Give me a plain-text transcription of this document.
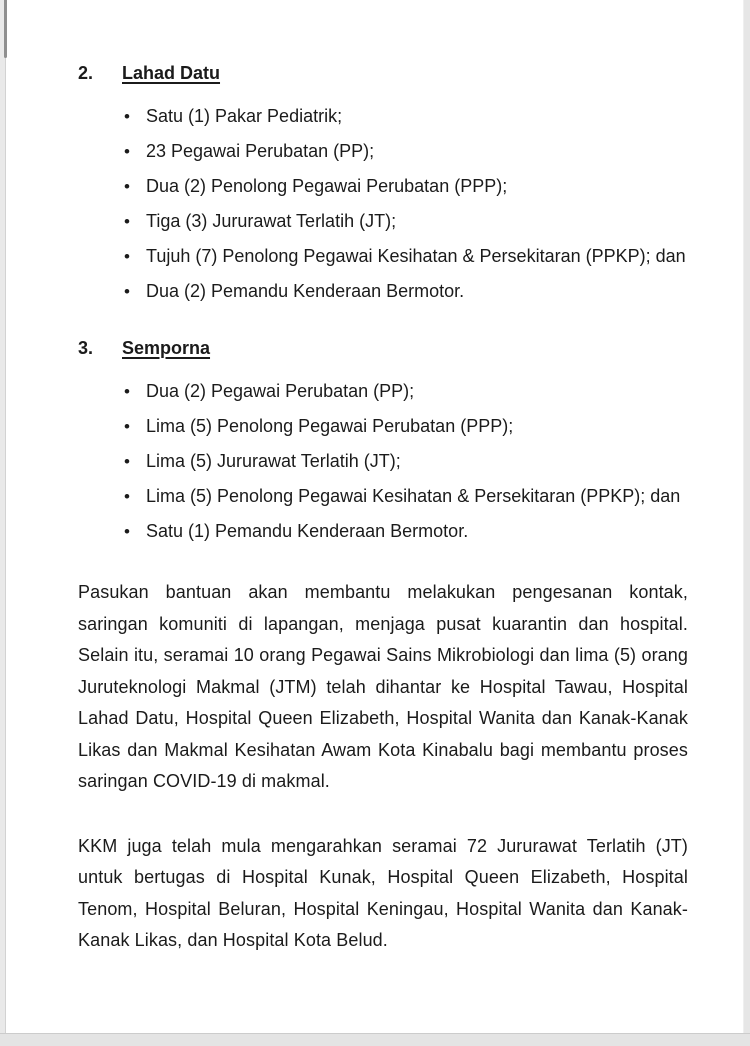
2.	Lahad Datu
• Satu (1) Pakar Pediatrik;
• 23 Pegawai Perubatan (PP);
• Dua (2) Penolong Pegawai Perubatan (PPP);
• Tiga (3) Jururawat Terlatih (JT);
• Tujuh (7) Penolong Pegawai Kesihatan & Persekitaran (PPKP); dan
• Dua (2) Pemandu Kenderaan Bermotor.
3.	Semporna
• Dua (2) Pegawai Perubatan (PP);
• Lima (5) Penolong Pegawai Perubatan (PPP);
• Lima (5) Jururawat Terlatih (JT);
• Lima (5) Penolong Pegawai Kesihatan & Persekitaran (PPKP); dan
• Satu (1) Pemandu Kenderaan Bermotor.

Pasukan bantuan akan membantu melakukan pengesanan kontak, saringan komuniti di lapangan, menjaga pusat kuarantin dan hospital. Selain itu, seramai 10 orang Pegawai Sains Mikrobiologi dan lima (5) orang Juruteknologi Makmal (JTM) telah dihantar ke Hospital Tawau, Hospital Lahad Datu, Hospital Queen Elizabeth, Hospital Wanita dan Kanak-Kanak Likas dan Makmal Kesihatan Awam Kota Kinabalu bagi membantu proses saringan COVID-19 di makmal.

KKM juga telah mula mengarahkan seramai 72 Jururawat Terlatih (JT) untuk bertugas di Hospital Kunak, Hospital Queen Elizabeth, Hospital Tenom, Hospital Beluran, Hospital Keningau, Hospital Wanita dan Kanak-Kanak Likas, dan Hospital Kota Belud.
